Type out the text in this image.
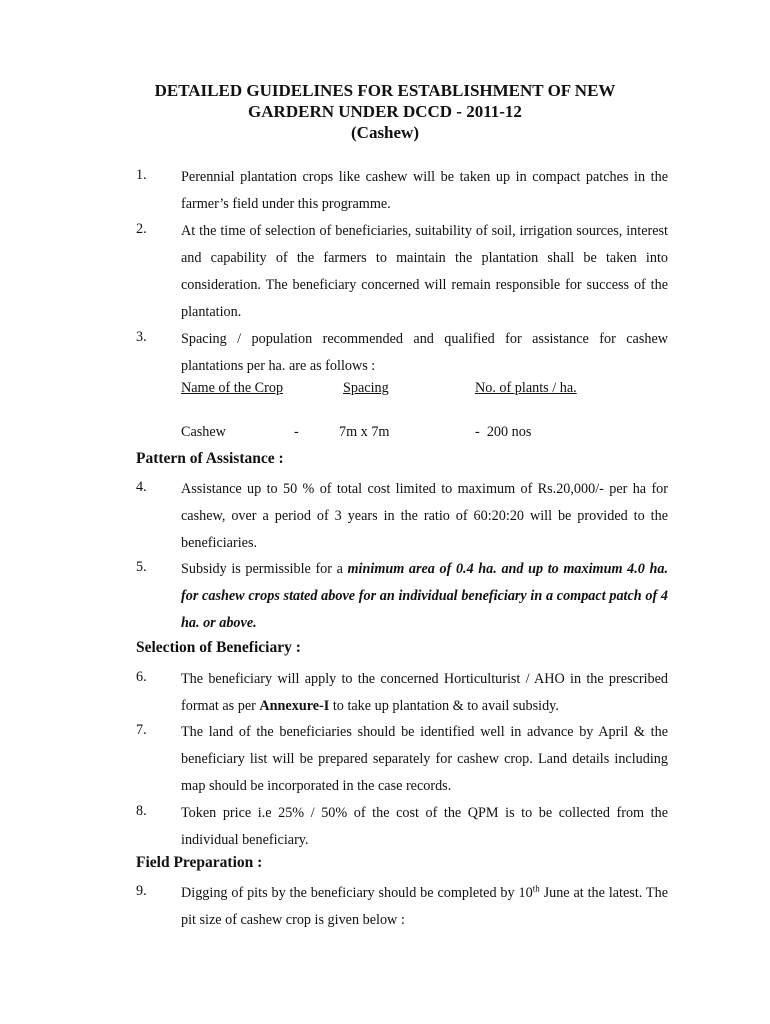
DETAILED GUIDELINES FOR ESTABLISHMENT OF NEW
GARDERN UNDER DCCD - 2011-12
(Cashew)
1. Perennial plantation crops like cashew will be taken up in compact patches in the farmer’s field under this programme.
2. At the time of selection of beneficiaries, suitability of soil, irrigation sources, interest and capability of the farmers to maintain the plantation shall be taken into consideration. The beneficiary concerned will remain responsible for success of the plantation.
3. Spacing / population recommended and qualified for assistance for cashew plantations per ha. are as follows :
Name of the Crop	Spacing	No. of plants / ha.
Cashew	-	7m x 7m	-  200 nos
Pattern of Assistance :
4. Assistance up to 50 % of total cost limited to maximum of Rs.20,000/- per ha for cashew, over a period of 3 years in the ratio of 60:20:20 will be provided to the beneficiaries.
5. Subsidy is permissible for a minimum area of 0.4 ha. and up to maximum 4.0 ha. for cashew crops stated above for an individual beneficiary in a compact patch of 4 ha. or above.
Selection of Beneficiary :
6. The beneficiary will apply to the concerned Horticulturist / AHO in the prescribed format as per Annexure-I to take up plantation & to avail subsidy.
7. The land of the beneficiaries should be identified well in advance by April & the beneficiary list will be prepared separately for cashew crop. Land details including map should be incorporated in the case records.
8. Token price i.e 25% / 50% of the cost of the QPM is to be collected from the individual beneficiary.
Field Preparation :
9. Digging of pits by the beneficiary should be completed by 10th June at the latest. The pit size of cashew crop is given below :
